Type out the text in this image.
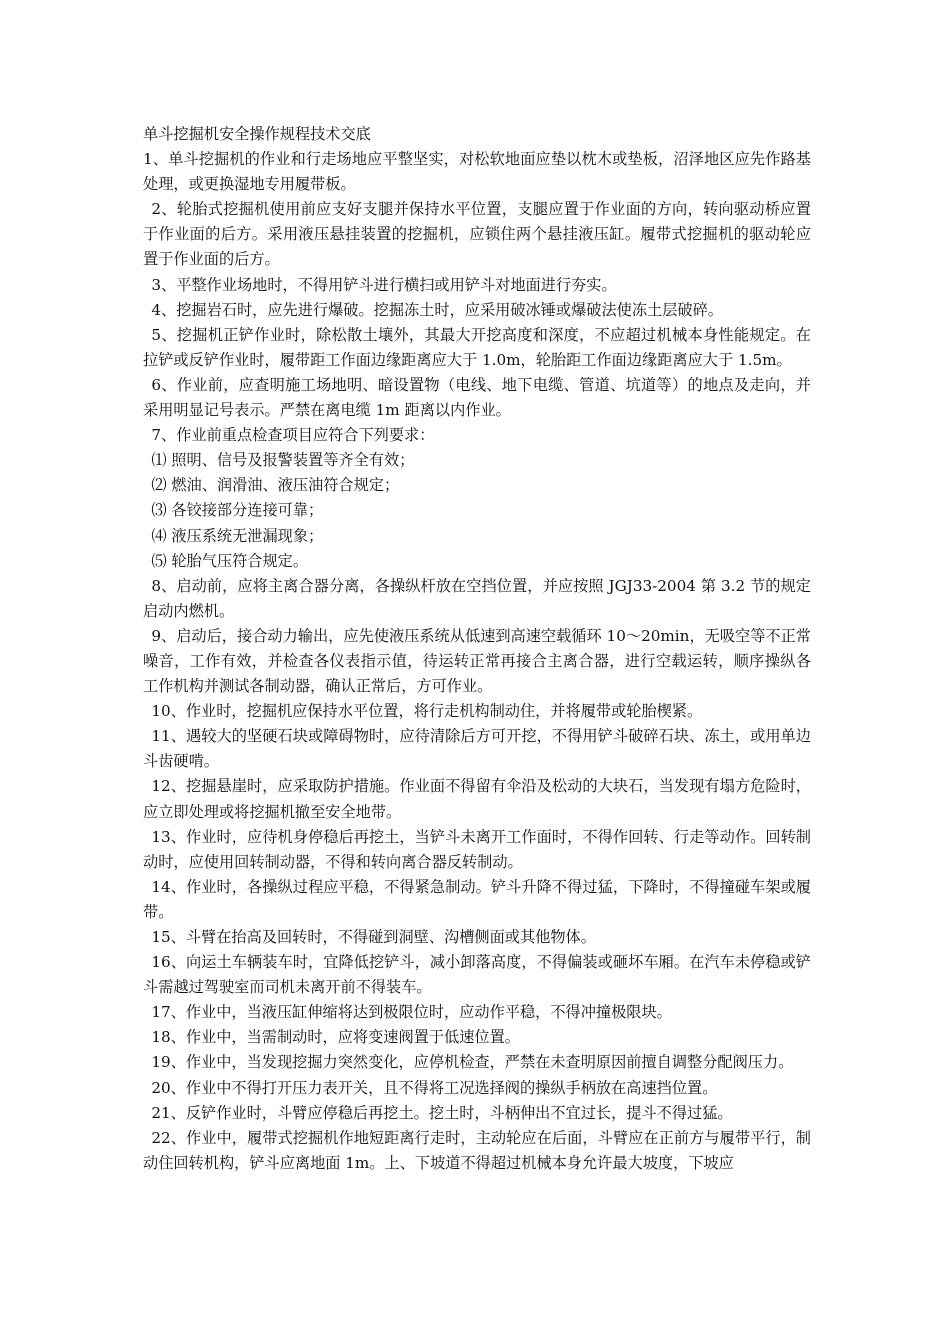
单斗挖掘机安全操作规程技术交底

1、单斗挖掘机的作业和行走场地应平整坚实，对松软地面应垫以枕木或垫板，沼泽地区应先作路基处理，或更换湿地专用履带板。

2、轮胎式挖掘机使用前应支好支腿并保持水平位置，支腿应置于作业面的方向，转向驱动桥应置于作业面的后方。采用液压悬挂装置的挖掘机，应锁住两个悬挂液压缸。履带式挖掘机的驱动轮应置于作业面的后方。

3、平整作业场地时，不得用铲斗进行横扫或用铲斗对地面进行夯实。

4、挖掘岩石时，应先进行爆破。挖掘冻土时，应采用破冰锤或爆破法使冻土层破碎。

5、挖掘机正铲作业时，除松散土壤外，其最大开挖高度和深度，不应超过机械本身性能规定。在拉铲或反铲作业时，履带距工作面边缘距离应大于 1.0m，轮胎距工作面边缘距离应大于 1.5m。

6、作业前，应查明施工场地明、暗设置物（电线、地下电缆、管道、坑道等）的地点及走向，并采用明显记号表示。严禁在离电缆 1m 距离以内作业。

7、作业前重点检查项目应符合下列要求：

⑴ 照明、信号及报警装置等齐全有效；

⑵ 燃油、润滑油、液压油符合规定；

⑶ 各铰接部分连接可靠；

⑷ 液压系统无泄漏现象；

⑸ 轮胎气压符合规定。

8、启动前，应将主离合器分离，各操纵杆放在空挡位置，并应按照 JGJ33-2004 第 3.2 节的规定启动内燃机。

9、启动后，接合动力输出，应先使液压系统从低速到高速空载循环 10～20min，无吸空等不正常噪音，工作有效，并检查各仪表指示值，待运转正常再接合主离合器，进行空载运转，顺序操纵各工作机构并测试各制动器，确认正常后，方可作业。

10、作业时，挖掘机应保持水平位置，将行走机构制动住，并将履带或轮胎楔紧。

11、遇较大的坚硬石块或障碍物时，应待清除后方可开挖，不得用铲斗破碎石块、冻土，或用单边斗齿硬啃。

12、挖掘悬崖时，应采取防护措施。作业面不得留有伞沿及松动的大块石，当发现有塌方危险时，应立即处理或将挖掘机撤至安全地带。

13、作业时，应待机身停稳后再挖土，当铲斗未离开工作面时，不得作回转、行走等动作。回转制动时，应使用回转制动器，不得和转向离合器反转制动。

14、作业时，各操纵过程应平稳，不得紧急制动。铲斗升降不得过猛，下降时，不得撞碰车架或履带。

15、斗臂在抬高及回转时，不得碰到洞壁、沟槽侧面或其他物体。

16、向运土车辆装车时，宜降低挖铲斗，减小卸落高度，不得偏装或砸坏车厢。在汽车未停稳或铲斗需越过驾驶室而司机未离开前不得装车。

17、作业中，当液压缸伸缩将达到极限位时，应动作平稳，不得冲撞极限块。

18、作业中，当需制动时，应将变速阀置于低速位置。

19、作业中，当发现挖掘力突然变化，应停机检查，严禁在未查明原因前擅自调整分配阀压力。

20、作业中不得打开压力表开关，且不得将工况选择阀的操纵手柄放在高速挡位置。

21、反铲作业时，斗臂应停稳后再挖土。挖土时，斗柄伸出不宜过长，提斗不得过猛。

22、作业中，履带式挖掘机作地短距离行走时，主动轮应在后面，斗臂应在正前方与履带平行，制动住回转机构，铲斗应离地面 1m。上、下坡道不得超过机械本身允许最大坡度，下坡应
